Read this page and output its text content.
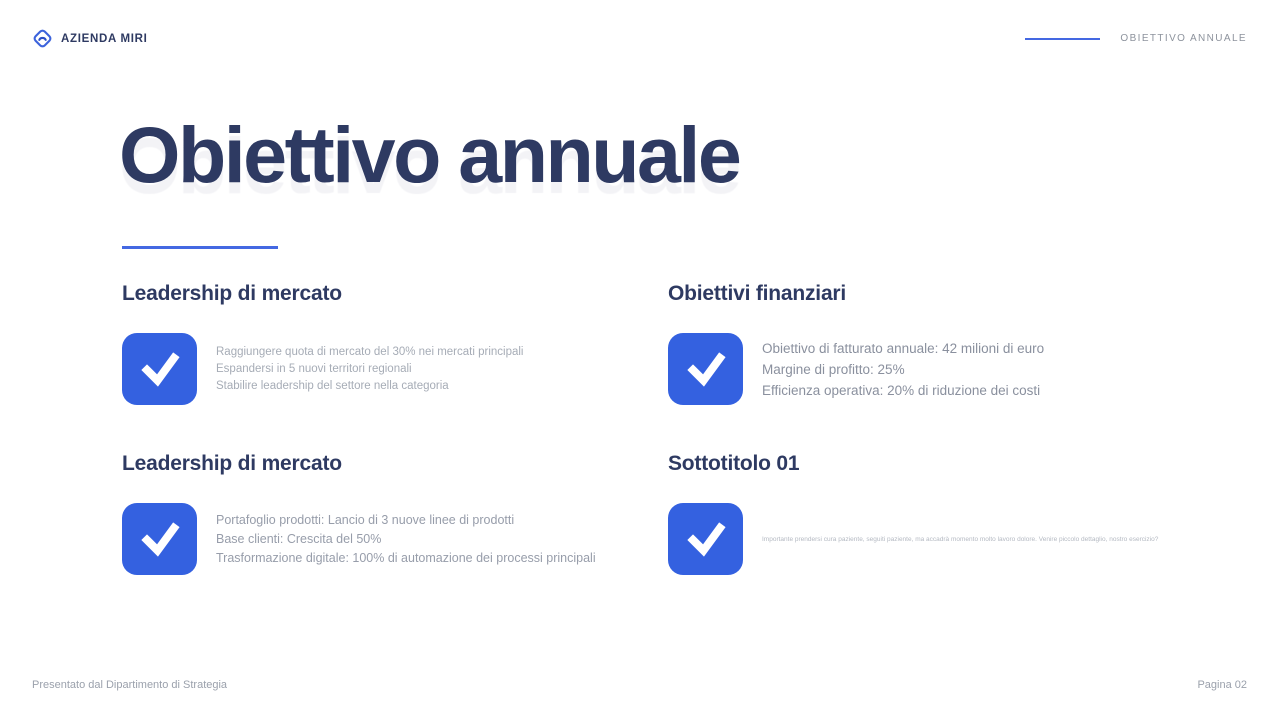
AZIENDA MIRI	OBIETTIVO ANNUALE
Obiettivo annuale
Leadership di mercato
Raggiungere quota di mercato del 30% nei mercati principali
Espandersi in 5 nuovi territori regionali
Stabilire leadership del settore nella categoria
Obiettivi finanziari
Obiettivo di fatturato annuale: 42 milioni di euro
Margine di profitto: 25%
Efficienza operativa: 20% di riduzione dei costi
Leadership di mercato
Portafoglio prodotti: Lancio di 3 nuove linee di prodotti
Base clienti: Crescita del 50%
Trasformazione digitale: 100% di automazione dei processi principali
Sottotitolo 01
Importante prendersi cura paziente, seguiti paziente, ma accadrà momento molto lavoro dolore. Venire piccolo dettaglio, nostro esercizio?
Presentato dal Dipartimento di Strategia	Pagina 02
